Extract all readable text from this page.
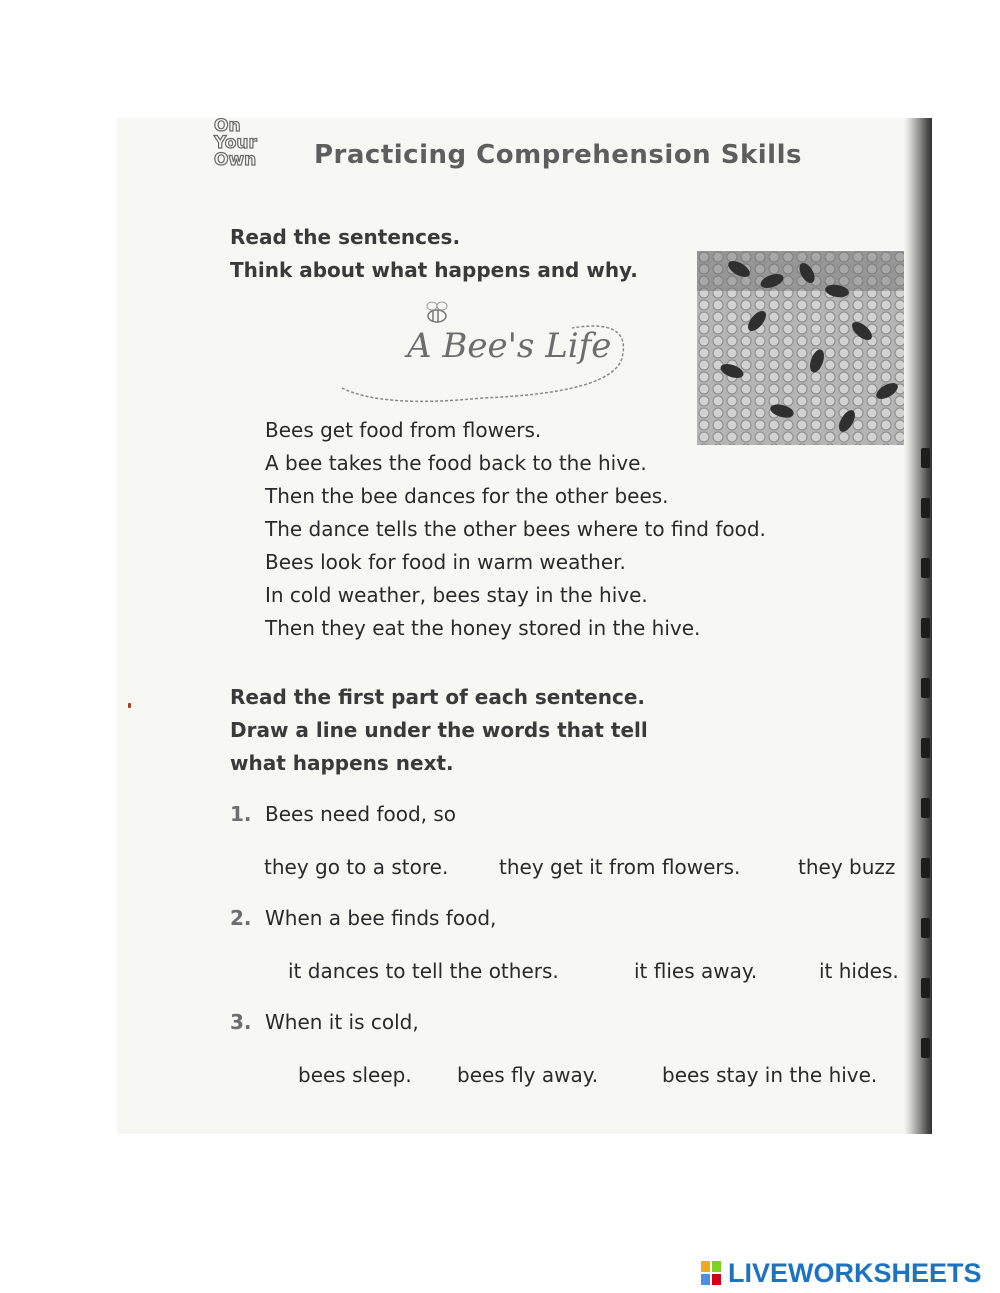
On
Your
Own	Practicing Comprehension Skills
Read the sentences.
Think about what happens and why.
A Bee's Life
Bees get food from flowers.
A bee takes the food back to the hive.
Then the bee dances for the other bees.
The dance tells the other bees where to find food.
Bees look for food in warm weather.
In cold weather, bees stay in the hive.
Then they eat the honey stored in the hive.
Read the first part of each sentence.
Draw a line under the words that tell
what happens next.
1. Bees need food, so
they go to a store.	they get it from flowers.	they buzz
2. When a bee finds food,
it dances to tell the others.	it flies away.	it hides.
3. When it is cold,
bees sleep. bees fly away.	bees stay in the hive.
LIVEWORKSHEETS
